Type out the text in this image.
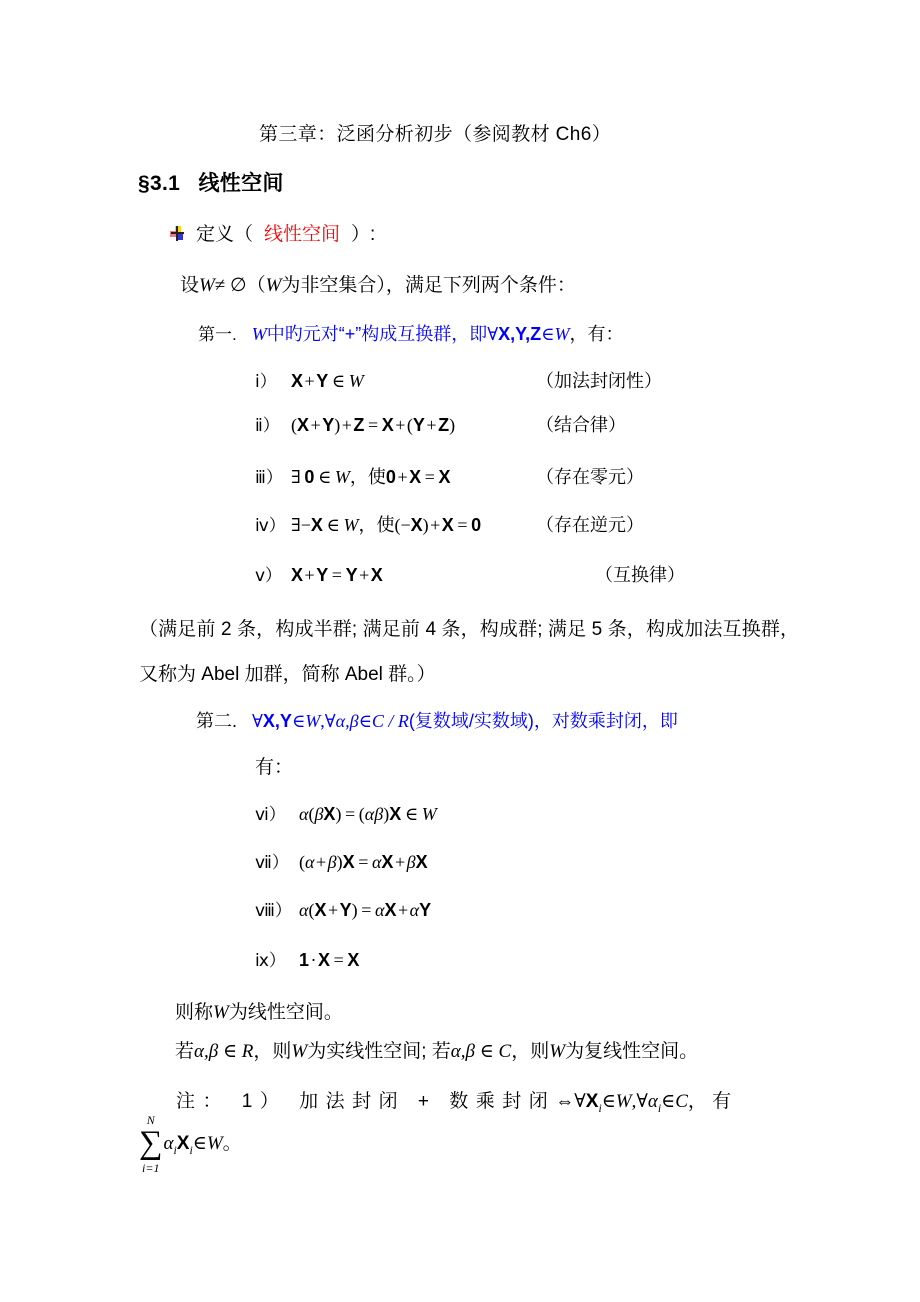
第三章：泛函分析初步（参阅教材 Ch6）
§3.1 线性空间
定义（ 线性空间 ）:
设W≠ ∅（W为非空集合），满足下列两个条件：
第一. W中旳元对“+”构成互换群，即∀X,Y,Z∈W，有：
ⅰ） X + Y ∈ W	（加法封闭性）
ⅱ） (X + Y) + Z = X + (Y + Z)	（结合律）
ⅲ） ∃ 0 ∈ W，使0 + X = X	（存在零元）
ⅳ） ∃−X ∈ W，使(−X) + X = 0	（存在逆元）
ⅴ） X + Y = Y + X	（互换律）
（满足前 2 条，构成半群; 满足前 4 条，构成群; 满足 5 条，构成加法互换群，又称为 Abel 加群，简称 Abel 群。）
第二. ∀X,Y∈W,∀α,β∈C / R(复数域/实数域)，对数乘封闭，即
有：
ⅵ） α(βX) = (αβ)X ∈ W
ⅶ） (α + β)X = αX + βX
ⅷ） α(X + Y) = αX + αY
ⅸ） 1 · X = X
则称W为线性空间。
若α,β ∈ R，则W为实线性空间; 若α,β ∈ C，则W为复线性空间。
注： 1） 加法封闭 + 数乘封闭$\Leftrightarrow\forall X_i\in W,\forall\alpha_i\in C$， 有
N
∑
i=1
$\alpha_iX_i\in W$。
